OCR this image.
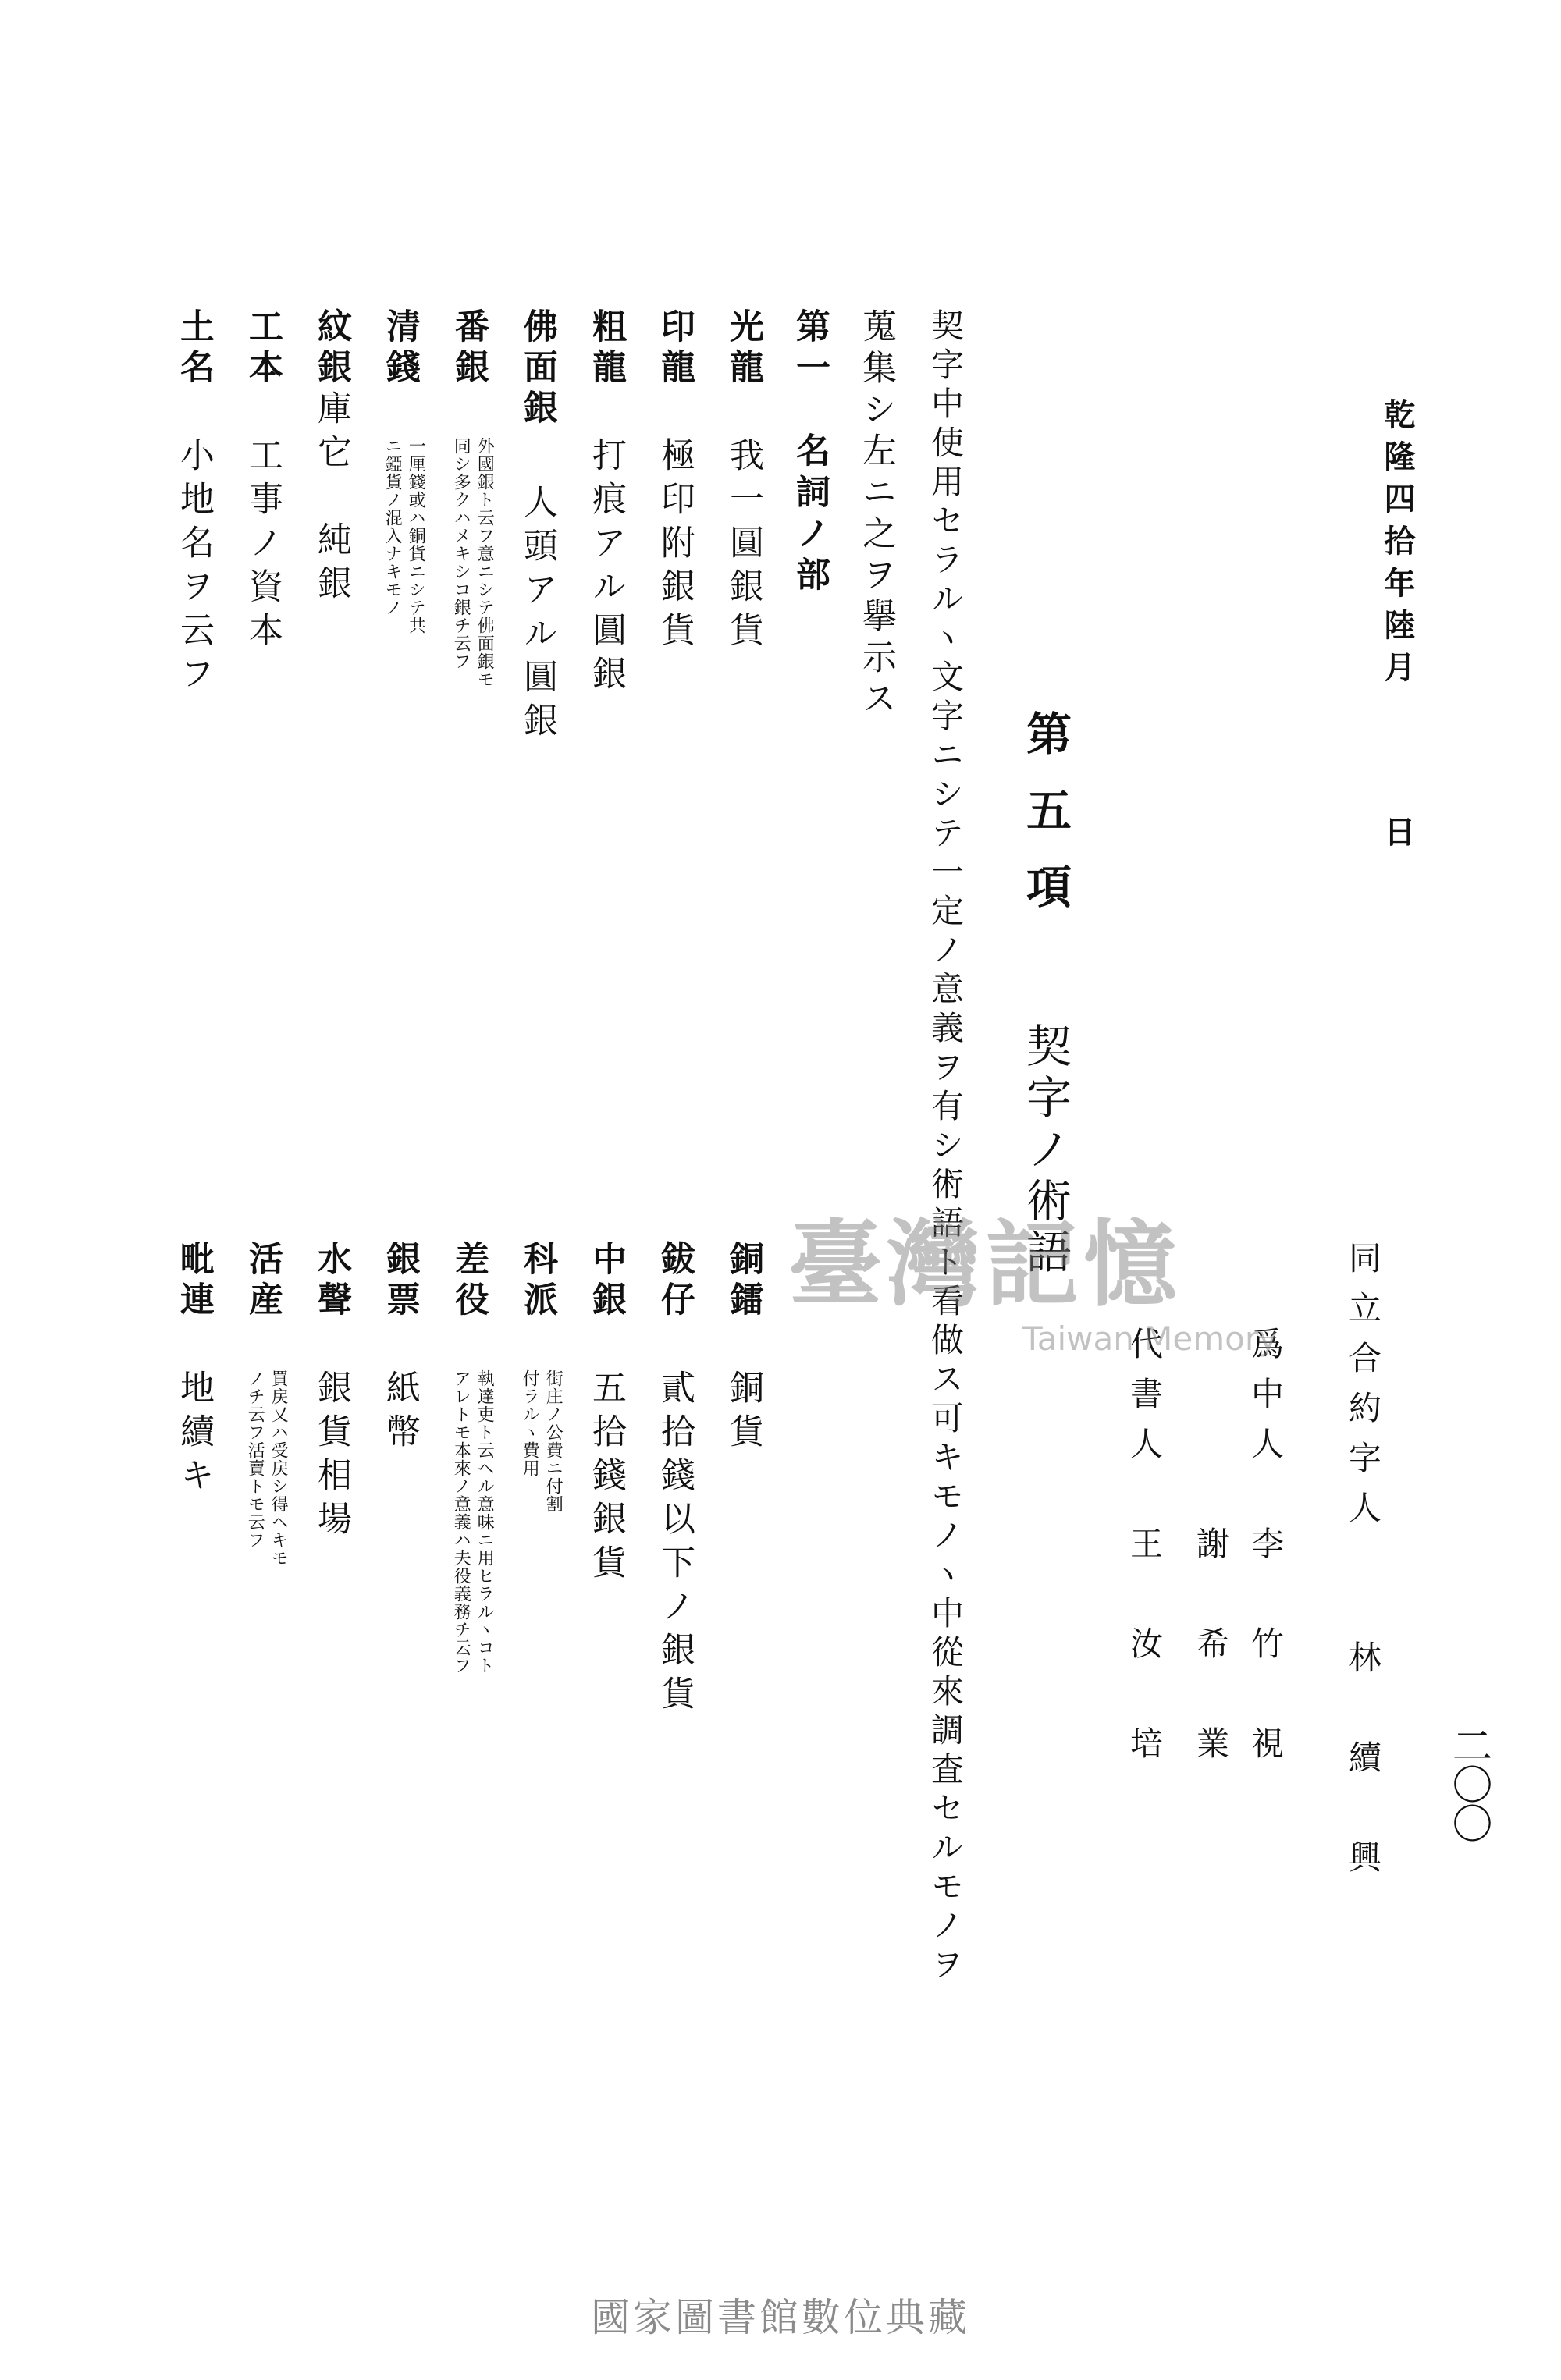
二〇〇
乾隆四拾年陸月
日
同立合約字人　　林　續　興
爲中人　李　竹　視
　　　　謝　希　業
代書人　王　汝　培
第五項
契字ノ術語
契字中使用セラルヽ文字ニシテ一定ノ意義ヲ有シ術語ト看做ス可キモノヽ中從來調査セルモノヲ
蒐集シ左ニ之ヲ擧示ス
第一　名詞ノ部
光龍
我一圓銀貨
印龍
極印附銀貨
粗龍
打痕アル圓銀
佛面銀
人頭アル圓銀
番銀
外國銀ト云フ意ニシテ佛面銀モ
同シ多クハメキシコ銀チ云フ
清錢
一厘錢或ハ銅貨ニシテ共
ニ錏貨ノ混入ナキモノ
紋銀
庫它　純銀
工本
工事ノ資本
土名
小地名ヲ云フ
銅鐳
銅貨
鈸仔
貳拾錢以下ノ銀貨
中銀
五拾錢銀貨
科派
街庄ノ公費ニ付割
付ラルヽ費用
差役
執達吏ト云ヘル意味ニ用ヒラルヽコト
アレトモ本來ノ意義ハ夫役義務チ云フ
銀票
紙幣
水聲
銀貨相場
活産
買戻又ハ受戻シ得ヘキモ
ノチ云フ活賣トモ云フ
毗連
地續キ
臺灣記憶
Taiwan Memory
國家圖書館數位典藏
